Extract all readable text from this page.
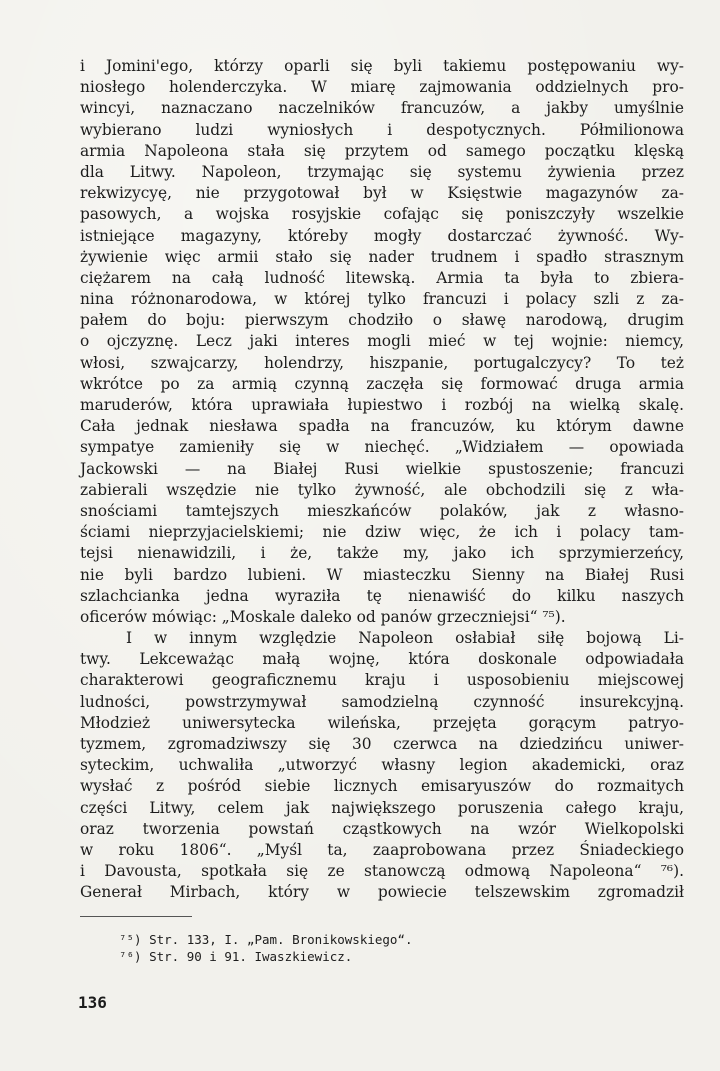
i Jomini'ego, którzy oparli się byli takiemu postępowaniu wy-
niosłego holenderczyka. W miarę zajmowania oddzielnych pro-
wincyi, naznaczano naczelników francuzów, a jakby umyślnie
wybierano ludzi wyniosłych i despotycznych. Półmilionowa
armia Napoleona stała się przytem od samego początku klęską
dla Litwy. Napoleon, trzymając się systemu żywienia przez
rekwizycyę, nie przygotował był w Księstwie magazynów za-
pasowych, a wojska rosyjskie cofając się poniszczyły wszelkie
istniejące magazyny, któreby mogły dostarczać żywność. Wy-
żywienie więc armii stało się nader trudnem i spadło strasznym
ciężarem na całą ludność litewską. Armia ta była to zbiera-
nina różnonarodowa, w której tylko francuzi i polacy szli z za-
pałem do boju: pierwszym chodziło o sławę narodową, drugim
o ojczyznę. Lecz jaki interes mogli mieć w tej wojnie: niemcy,
włosi, szwajcarzy, holendrzy, hiszpanie, portugalczycy? To też
wkrótce po za armią czynną zaczęła się formować druga armia
maruderów, która uprawiała łupiestwo i rozbój na wielką skalę.
Cała jednak niesława spadła na francuzów, ku którym dawne
sympatye zamieniły się w niechęć. „Widziałem — opowiada
Jackowski — na Białej Rusi wielkie spustoszenie; francuzi
zabierali wszędzie nie tylko żywność, ale obchodzili się z wła-
snościami tamtejszych mieszkańców polaków, jak z własno-
ściami nieprzyjacielskiemi; nie dziw więc, że ich i polacy tam-
tejsi nienawidzili, i że, także my, jako ich sprzymierzeńcy,
nie byli bardzo lubieni. W miasteczku Sienny na Białej Rusi
szlachcianka jedna wyraziła tę nienawiść do kilku naszych
oficerów mówiąc: „Moskale daleko od panów grzeczniejsi“ ⁷⁵).
I w innym względzie Napoleon osłabiał siłę bojową Li-
twy. Lekceważąc małą wojnę, która doskonale odpowiadała
charakterowi geograficznemu kraju i usposobieniu miejscowej
ludności, powstrzymywał samodzielną czynność insurekcyjną.
Młodzież uniwersytecka wileńska, przejęta gorącym patryo-
tyzmem, zgromadziwszy się 30 czerwca na dziedzińcu uniwer-
syteckim, uchwaliła „utworzyć własny legion akademicki, oraz
wysłać z pośród siebie licznych emisaryuszów do rozmaitych
części Litwy, celem jak największego poruszenia całego kraju,
oraz tworzenia powstań cząstkowych na wzór Wielkopolski
w roku 1806“. „Myśl ta, zaaprobowana przez Śniadeckiego
i Davousta, spotkała się ze stanowczą odmową Napoleona“ ⁷⁶).
Generał Mirbach, który w powiecie telszewskim zgromadził
⁷⁵) Str. 133, I. „Pam. Bronikowskiego“.
⁷⁶) Str. 90 i 91. Iwaszkiewicz.
136
